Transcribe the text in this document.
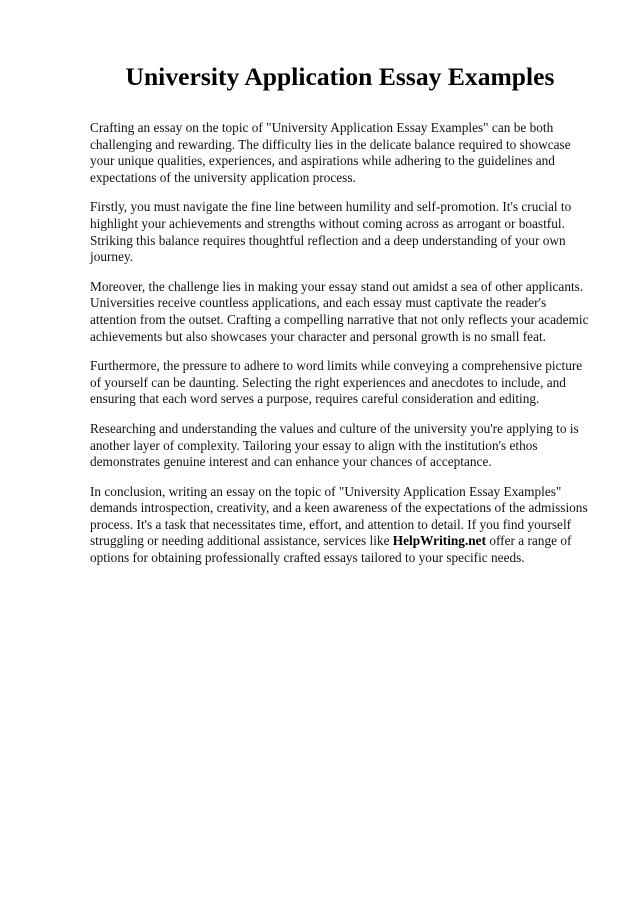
University Application Essay Examples

Crafting an essay on the topic of "University Application Essay Examples" can be both challenging and rewarding. The difficulty lies in the delicate balance required to showcase your unique qualities, experiences, and aspirations while adhering to the guidelines and expectations of the university application process.

Firstly, you must navigate the fine line between humility and self-promotion. It's crucial to highlight your achievements and strengths without coming across as arrogant or boastful. Striking this balance requires thoughtful reflection and a deep understanding of your own journey.

Moreover, the challenge lies in making your essay stand out amidst a sea of other applicants. Universities receive countless applications, and each essay must captivate the reader's attention from the outset. Crafting a compelling narrative that not only reflects your academic achievements but also showcases your character and personal growth is no small feat.

Furthermore, the pressure to adhere to word limits while conveying a comprehensive picture of yourself can be daunting. Selecting the right experiences and anecdotes to include, and ensuring that each word serves a purpose, requires careful consideration and editing.

Researching and understanding the values and culture of the university you're applying to is another layer of complexity. Tailoring your essay to align with the institution's ethos demonstrates genuine interest and can enhance your chances of acceptance.

In conclusion, writing an essay on the topic of "University Application Essay Examples" demands introspection, creativity, and a keen awareness of the expectations of the admissions process. It's a task that necessitates time, effort, and attention to detail. If you find yourself struggling or needing additional assistance, services like HelpWriting.net offer a range of options for obtaining professionally crafted essays tailored to your specific needs.
